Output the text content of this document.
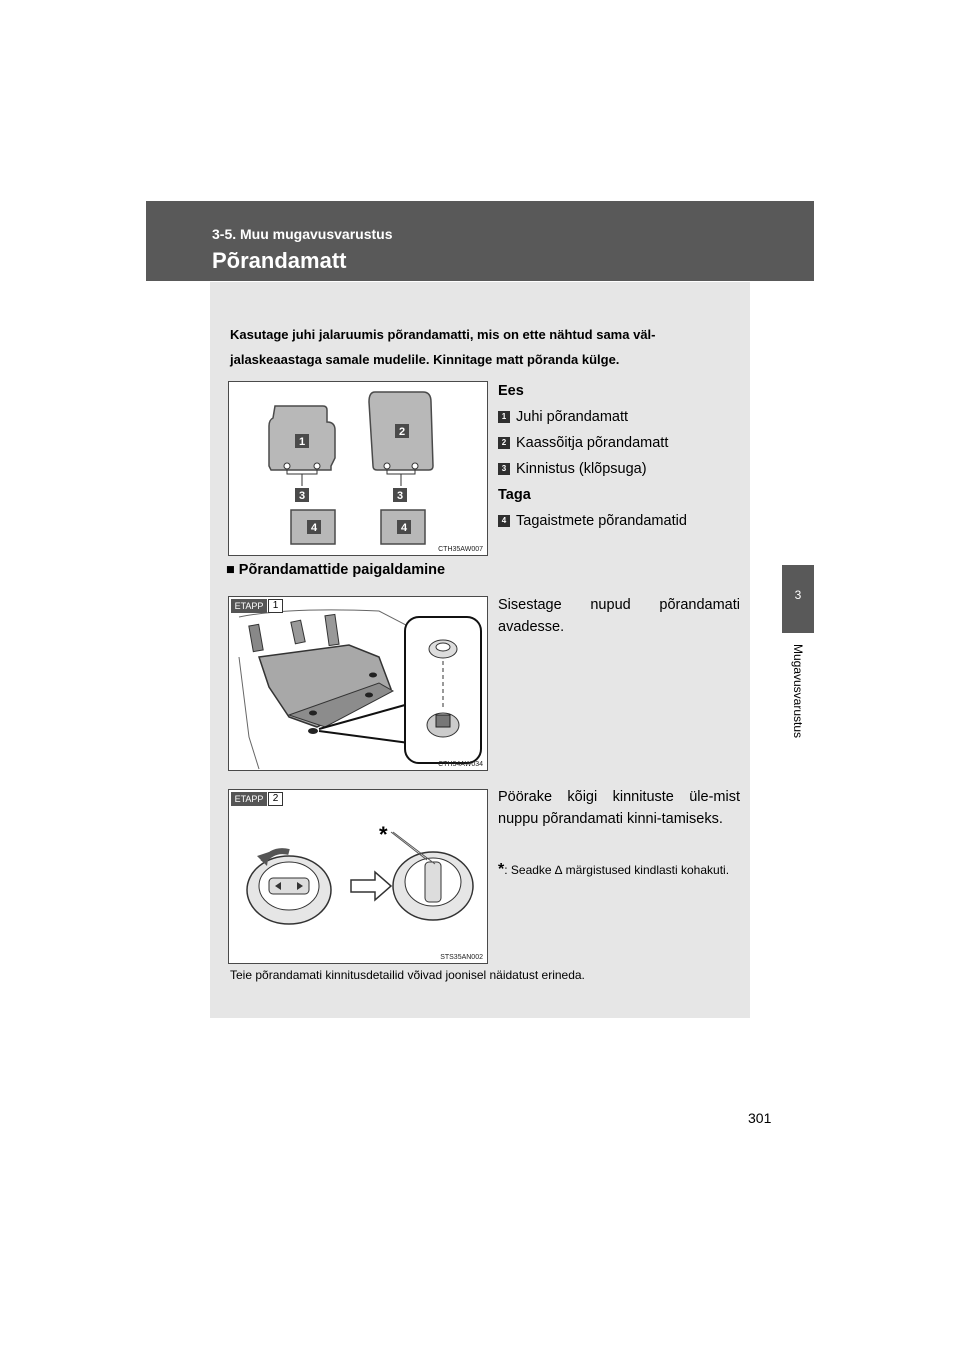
3-5. Muu mugavusvarustus
Põrandamatt
3
Mugavusvarustus
Kasutage juhi jalaruumis põrandamatti, mis on ette nähtud sama väl-jalaskeaastaga samale mudelile. Kinnitage matt põranda külge.
1
2
3	3
4	4
CTH35AW007
Ees
1 Juhi põrandamatt
2 Kaassõitja põrandamatt
3 Kinnistus (klõpsuga)
Taga
4 Tagaistmete põrandamatid
■ Põrandamattide paigaldamine
ETAPP 1
CTH34AW034
Sisestage nupud põrandamati avadesse.
*
ETAPP 2
STS35AN002
Pöörake kõigi kinnituste üle-mist nuppu põrandamati kinni-tamiseks.
*: Seadke ∆ märgistused kindlasti kohakuti.
Teie põrandamati kinnitusdetailid võivad joonisel näidatust erineda.
301
